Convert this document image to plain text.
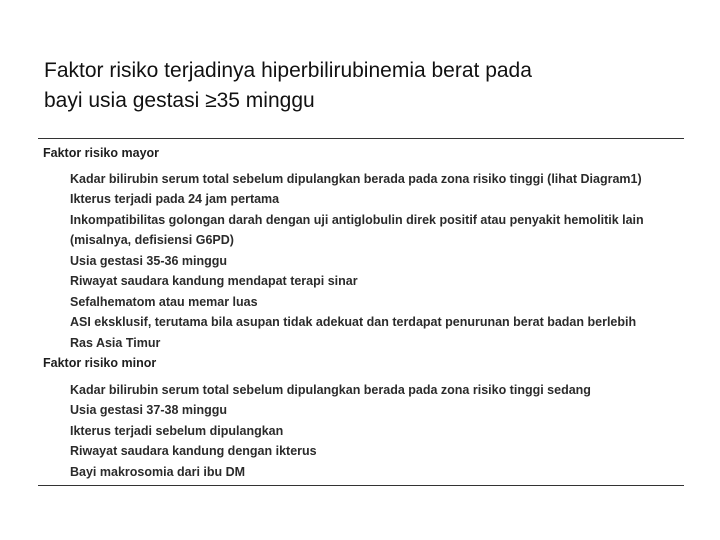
Faktor risiko terjadinya hiperbilirubinemia berat pada
bayi usia gestasi ≥35 minggu
Faktor risiko mayor
Kadar bilirubin serum total sebelum dipulangkan berada pada zona risiko tinggi (lihat Diagram1)
Ikterus terjadi pada 24 jam pertama
Inkompatibilitas golongan darah dengan uji antiglobulin direk positif atau penyakit hemolitik lain
(misalnya, defisiensi G6PD)
Usia gestasi 35-36 minggu
Riwayat saudara kandung mendapat terapi sinar
Sefalhematom atau memar luas
ASI eksklusif, terutama bila asupan tidak adekuat dan terdapat penurunan berat badan berlebih
Ras Asia Timur
Faktor risiko minor
Kadar bilirubin serum total sebelum dipulangkan berada pada zona risiko tinggi sedang
Usia gestasi 37-38 minggu
Ikterus terjadi sebelum dipulangkan
Riwayat saudara kandung dengan ikterus
Bayi makrosomia dari ibu DM
